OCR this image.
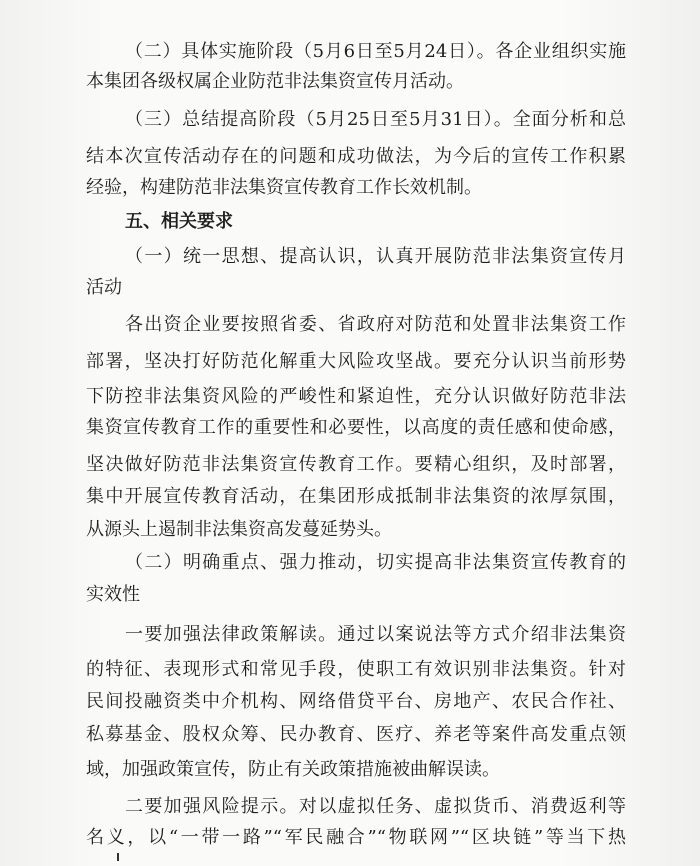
（二）具体实施阶段（5月6日至5月24日）。各企业组织实施
本集团各级权属企业防范非法集资宣传月活动。
（三）总结提高阶段（5月25日至5月31日）。全面分析和总
结本次宣传活动存在的问题和成功做法，为今后的宣传工作积累
经验，构建防范非法集资宣传教育工作长效机制。
五、相关要求
（一）统一思想、提高认识，认真开展防范非法集资宣传月
活动
各出资企业要按照省委、省政府对防范和处置非法集资工作
部署，坚决打好防范化解重大风险攻坚战。要充分认识当前形势
下防控非法集资风险的严峻性和紧迫性，充分认识做好防范非法
集资宣传教育工作的重要性和必要性，以高度的责任感和使命感，
坚决做好防范非法集资宣传教育工作。要精心组织，及时部署，
集中开展宣传教育活动，在集团形成抵制非法集资的浓厚氛围，
从源头上遏制非法集资高发蔓延势头。
（二）明确重点、强力推动，切实提高非法集资宣传教育的
实效性
一要加强法律政策解读。通过以案说法等方式介绍非法集资
的特征、表现形式和常见手段，使职工有效识别非法集资。针对
民间投融资类中介机构、网络借贷平台、房地产、农民合作社、
私募基金、股权众筹、民办教育、医疗、养老等案件高发重点领
域，加强政策宣传，防止有关政策措施被曲解误读。
二要加强风险提示。对以虚拟任务、虚拟货币、消费返利等
名义，以“一带一路”“军民融合”“物联网”“区块链”等当下热
